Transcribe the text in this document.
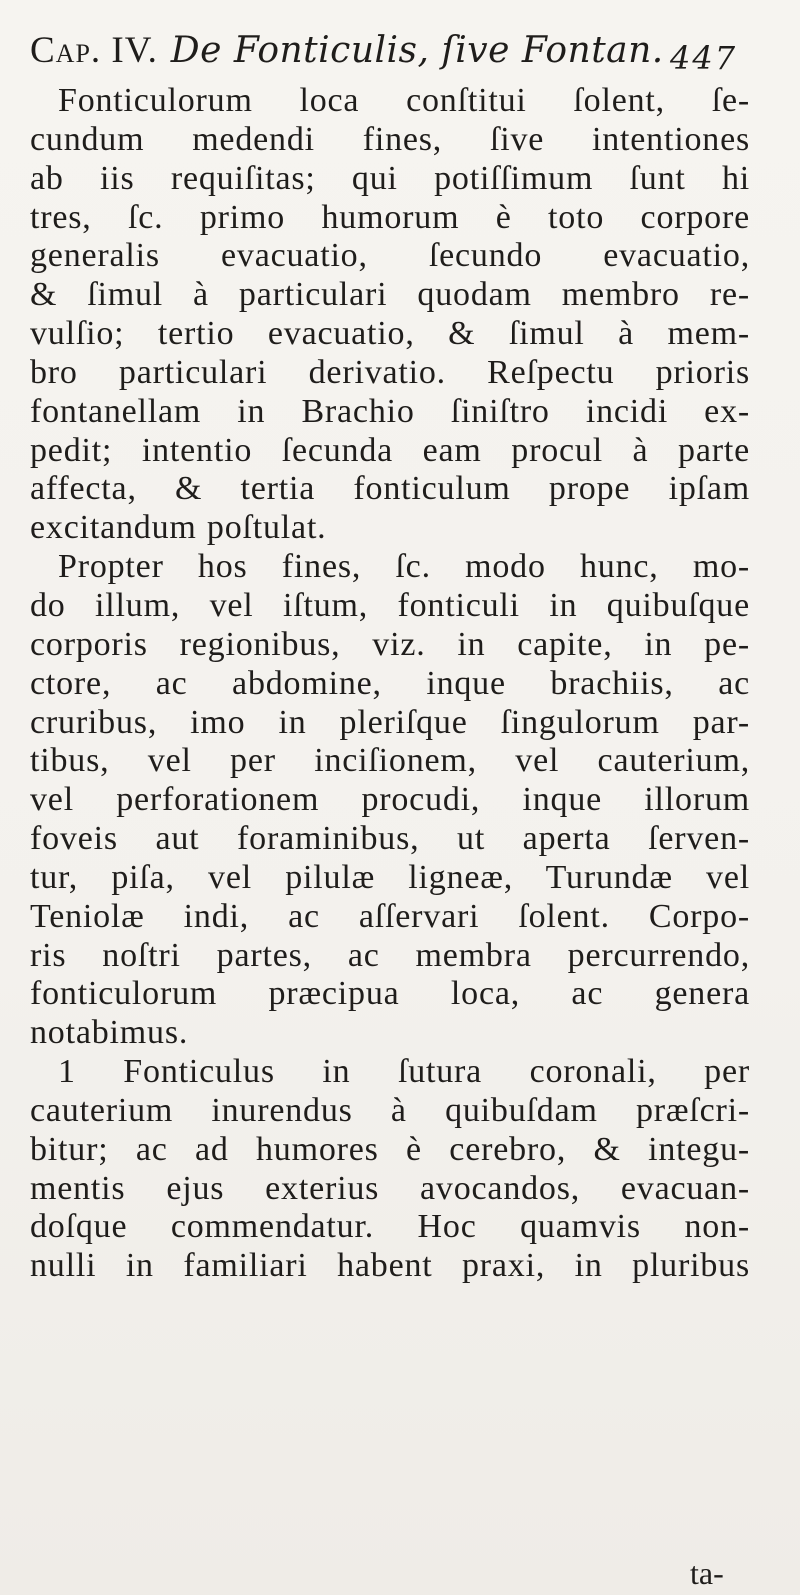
Cap. IV. De Fonticulis, ſive Fontan. 447
Fonticulorum loca conſtitui ſolent, ſe-
cundum medendi fines, ſive intentiones
ab iis requiſitas; qui potiſſimum ſunt hi
tres, ſc. primo humorum è toto corpore
generalis evacuatio, ſecundo evacuatio,
& ſimul à particulari quodam membro re-
vulſio; tertio evacuatio, & ſimul à mem-
bro particulari derivatio. Reſpectu prioris
fontanellam in Brachio ſiniſtro incidi ex-
pedit; intentio ſecunda eam procul à parte
affecta, & tertia fonticulum prope ipſam
excitandum poſtulat.
Propter hos fines, ſc. modo hunc, mo-
do illum, vel iſtum, fonticuli in quibuſque
corporis regionibus, viz. in capite, in pe-
ctore, ac abdomine, inque brachiis, ac
cruribus, imo in pleriſque ſingulorum par-
tibus, vel per inciſionem, vel cauterium,
vel perforationem procudi, inque illorum
foveis aut foraminibus, ut aperta ſerven-
tur, piſa, vel pilulæ ligneæ, Turundæ vel
Teniolæ indi, ac aſſervari ſolent. Corpo-
ris noſtri partes, ac membra percurrendo,
fonticulorum præcipua loca, ac genera
notabimus.
1 Fonticulus in ſutura coronali, per
cauterium inurendus à quibuſdam præſcri-
bitur; ac ad humores è cerebro, & integu-
mentis ejus exterius avocandos, evacuan-
doſque commendatur. Hoc quamvis non-
nulli in familiari habent praxi, in pluribus
ta-
